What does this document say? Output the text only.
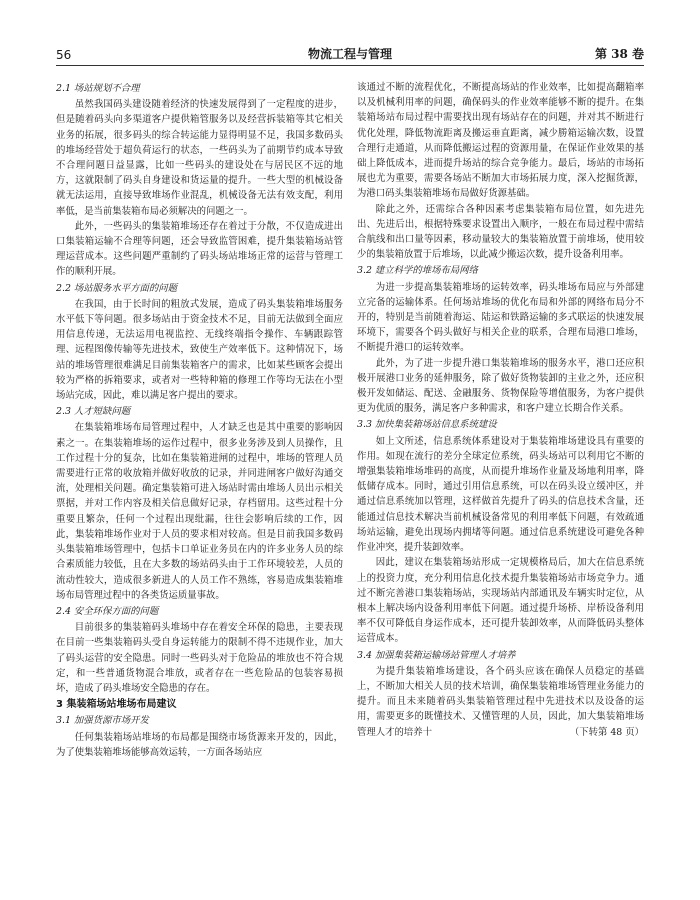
56	物流工程与管理	第 38 卷
2.1 场站规划不合理

虽然我国码头建设随着经济的快速发展得到了一定程度的进步，但是随着码头向多渠道客户提供箱管服务以及经营拆装箱等其它相关业务的拓展，很多码头的综合转运能力显得明显不足，我国多数码头的堆场经营处于超负荷运行的状态，一些码头为了前期节约成本导致不合理问题日益显露，比如一些码头的建设处在与居民区不远的地方，这就限制了码头自身建设和货运量的提升。一些大型的机械设备就无法运用，直接导致堆场作业混乱，机械设备无法有效支配，利用率低，是当前集装箱布局必须解决的问题之一。

此外，一些码头的集装箱堆场还存在着过于分散，不仅造成进出口集装箱运输不合理等问题，还会导致监管困难，提升集装箱场站管理运营成本。这些问题严重制约了码头场站堆场正常的运营与管理工作的顺利开展。

2.2 场站服务水平方面的问题

在我国，由于长时间的粗放式发展，造成了码头集装箱堆场服务水平低下等问题。很多场站由于资金技术不足，目前无法做到全面应用信息传递，无法运用电视监控、无线终端指令操作、车辆跟踪管理、远程图像传输等先进技术，致使生产效率低下。这种情况下，场站的堆场管理很难满足目前集装箱客户的需求，比如某些顾客会提出较为严格的拆箱要求，或者对一些特种箱的修理工作等均无法在小型场站完成，因此，难以满足客户提出的要求。

2.3 人才短缺问题

在集装箱堆场布局管理过程中，人才缺乏也是其中重要的影响因素之一。在集装箱堆场的运作过程中，很多业务涉及到人员操作，且工作过程十分的复杂，比如在集装箱进闸的过程中，堆场的管理人员需要进行正常的收放箱并做好收放的记录，并同进闸客户做好沟通交流，处理相关问题。确定集装箱可进入场站时需由堆场人员出示相关票据，并对工作内容及相关信息做好记录，存档留用。这些过程十分重要且繁杂，任何一个过程出现纰漏，往往会影响后续的工作，因此，集装箱堆场作业对于人员的要求相对较高。但是目前我国多数码头集装箱堆场管理中，包括卡口单证业务员在内的许多业务人员的综合素质能力较低，且在大多数的场站码头由于工作环境较差，人员的流动性较大，造成很多新进人的人员工作不熟练，容易造成集装箱堆场布局管理过程中的各类货运质量事故。

2.4 安全环保方面的问题

目前很多的集装箱码头堆场中存在着安全环保的隐患，主要表现在目前一些集装箱码头受自身运转能力的限制不得不违规作业，加大了码头运营的安全隐患。同时一些码头对于危险品的堆放也不符合规定，和一些普通货物混合堆放，或者存在一些危险品的包装容易损坏，造成了码头堆场安全隐患的存在。

3 集装箱场站堆场布局建议
3.1 加强货源市场开发

任何集装箱场站堆场的布局都是围绕市场货源来开发的，因此，为了使集装箱堆场能够高效运转，一方面各场站应

该通过不断的流程优化，不断提高场站的作业效率，比如提高翻箱率以及机械利用率的问题，确保码头的作业效率能够不断的提升。在集装箱场站布局过程中需要找出现有场站存在的问题，并对其不断进行优化处理，降低物流距离及搬运垂直距离，减少勝箱运输次数，设置合理行走通道，从而降低搬运过程的资源用量，在保证作业效果的基础上降低成本，进而提升场站的综合竞争能力。最后，场站的市场拓展也尤为重要，需要各场站不断加大市场拓展力度，深入挖掘货源，为港口码头集装箱堆场布局做好货源基础。

除此之外，还需综合各种因素考虑集装箱布局位置，如先进先出、先进后出，根据特殊要求设置出入顺序，一般在布局过程中需结合航线和出口量等因素，移动量较大的集装箱放置于前堆场，使用较少的集装箱放置于后堆场，以此减少搬运次数，提升设备利用率。

3.2 建立科学的堆场布局网络

为进一步提高集装箱堆场的运转效率，码头堆场布局应与外部建立完备的运输体系。任何场站堆场的优化布局和外部的网络布局分不开的，特别是当前随着海运、陆运和铁路运输的多式联运的快速发展环境下，需要各个码头做好与相关企业的联系，合理布局港口堆场，不断提升港口的运转效率。

此外，为了进一步提升港口集装箱堆场的服务水平，港口还应积极开展港口业务的延伸服务，除了做好货物装卸的主业之外，还应积极开发如储运、配送、金融服务、货物保险等增值服务，为客户提供更为优质的服务，满足客户多种需求，和客户建立长期合作关系。

3.3 加快集装箱场站信息系统建设

如上文所述，信息系统体系建设对于集装箱堆场建设具有重要的作用。如现在流行的差分全球定位系统，码头场站可以利用它不断的增强集装箱堆场堆码的高度，从而提升堆场作业量及场地利用率，降低储存成本。同时，通过引用信息系统，可以在码头设立缓冲区，并通过信息系统加以管理，这样做首先提升了码头的信息技术含量，还能通过信息技术解决当前机械设备常见的利用率低下问题，有效疏通场站运输，避免出现场内拥堵等问题。通过信息系统建设可避免各种作业冲突，提升装卸效率。

因此，建议在集装箱场站形成一定规模格局后，加大在信息系统上的投资力度，充分利用信息化技术提升集装箱场站市场竞争力。通过不断完善港口集装箱场站，实现场站内部通讯及车辆实时定位，从根本上解决场内设备利用率低下问题。通过提升场桥、岸桥设备利用率不仅可降低自身运作成本，还可提升装卸效率，从而降低码头整体运营成本。

3.4 加强集装箱运输场站管理人才培养

为提升集装箱堆场建设，各个码头应该在确保人员稳定的基础上，不断加大相关人员的技术培训，确保集装箱堆场管理业务能力的提升。而且未来随着码头集装箱管理过程中先进技术以及设备的运用，需要更多的既懂技术、又懂管理的人员，因此，加大集装箱堆场管理人才的培养十	（下转第 48 页）
